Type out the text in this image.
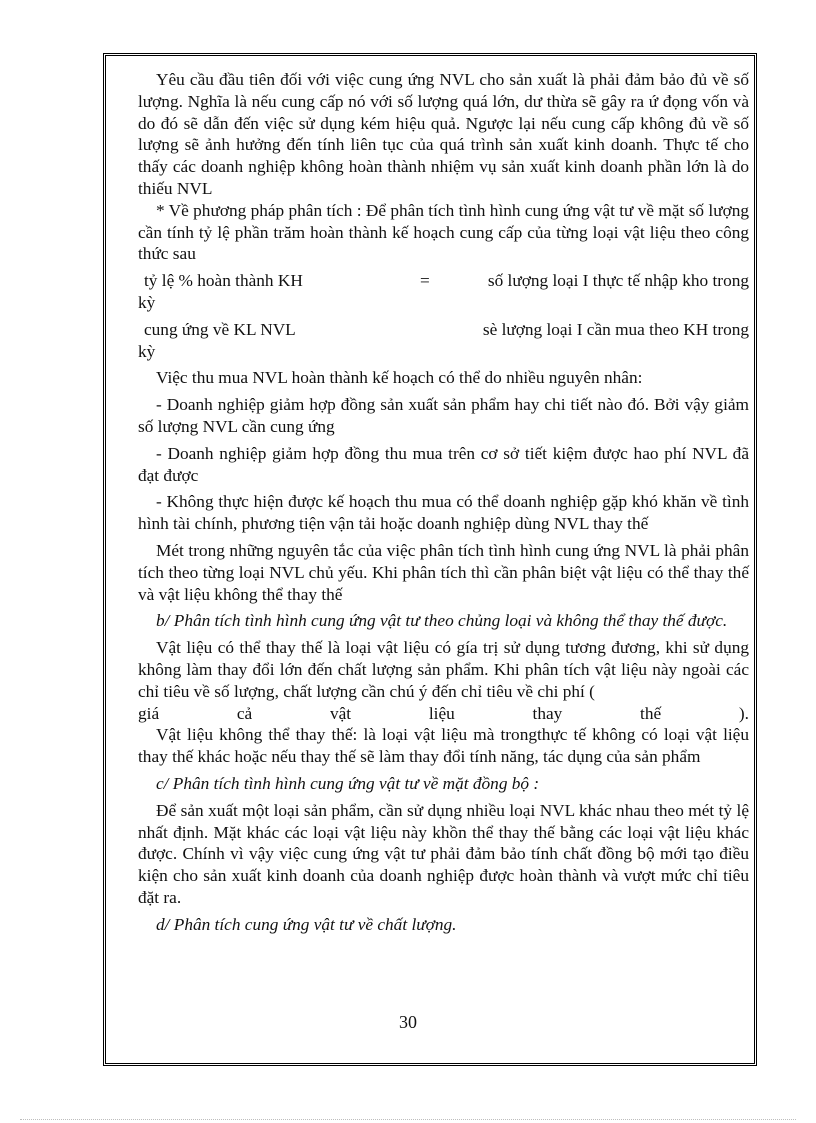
Yêu cầu đầu tiên đối với việc cung ứng NVL cho sản xuất là phải đảm bảo đủ về số lượng. Nghĩa là nếu cung cấp nó với số lượng quá lớn, dư thừa sẽ gây ra ứ đọng vốn và do đó sẽ dẫn đến việc sử dụng kém hiệu quả. Ngược lại nếu cung cấp không đủ về số lượng sẽ ảnh hưởng đến tính liên tục của quá trình sản xuất kinh doanh. Thực tế cho thấy các doanh nghiệp không hoàn thành nhiệm vụ sản xuất kinh doanh phần lớn là do thiếu NVL

* Về phương pháp phân tích : Để phân tích tình hình cung ứng vật tư về mặt số lượng cần tính tỷ lệ phần trăm hoàn thành kế hoạch cung cấp của từng loại vật liệu theo công thức sau

tỷ lệ % hoàn thành KH	=	số lượng loại I thực tế nhập kho trong

kỳ

cung ứng về KL NVL	sè lượng loại I cần mua theo KH trong

kỳ

Việc thu mua NVL hoàn thành kế hoạch có thể do nhiều nguyên nhân:

- Doanh nghiệp giảm hợp đồng sản xuất sản phẩm hay chi tiết nào đó. Bởi vậy giảm số lượng NVL cần cung ứng

- Doanh nghiệp giảm hợp đồng thu mua trên cơ sở tiết kiệm được hao phí NVL đã đạt được

- Không thực hiện được kế hoạch thu mua có thể doanh nghiệp gặp khó khăn về tình hình tài chính, phương tiện vận tải hoặc doanh nghiệp dùng NVL thay thế

Mét trong những nguyên tắc của việc phân tích tình hình cung ứng NVL là phải phân tích theo từng loại NVL chủ yếu. Khi phân tích thì cần phân biệt vật liệu có thể thay thế và vật liệu không thể thay thế

b/ Phân tích tình hình cung ứng vật tư theo chủng loại và không thể thay thế được.

Vật liệu có thể thay thế là loại vật liệu có gía trị sử dụng tương đương, khi sử dụng không làm thay đổi lớn đến chất lượng sản phẩm. Khi phân tích vật liệu này ngoài các chỉ tiêu về số lượng, chất lượng cần chú ý đến chỉ tiêu về chi phí (

giá cả vật liệu thay thế ).

Vật liệu không thể thay thế: là loại vật liệu mà trongthực tế không có loại vật liệu thay thế khác hoặc nếu thay thế sẽ làm thay đổi tính năng, tác dụng của sản phẩm

c/ Phân tích tình hình cung ứng vật tư về mặt đồng bộ :

Để sản xuất một loại sản phẩm, cần sử dụng nhiều loại NVL khác nhau theo mét tỷ lệ nhất định. Mặt khác các loại vật liệu này khồn thể thay thế bằng các loại vật liệu khác được. Chính vì vậy việc cung ứng vật tư phải đảm bảo tính chất đồng bộ mới tạo điều kiện cho sản xuất kinh doanh của doanh nghiệp được hoàn thành và vượt mức chỉ tiêu đặt ra.

d/ Phân tích cung ứng vật tư về chất lượng.

30
